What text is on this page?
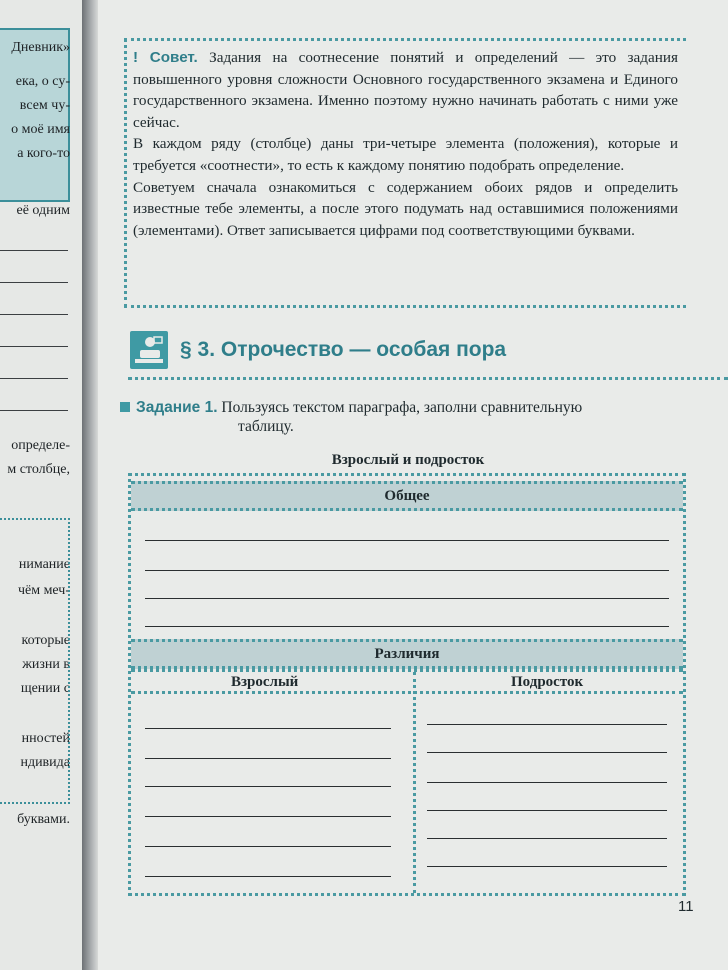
Дневник»
ека, о су-
всем чу-
о моё имя
а кого-то
её одним
определе-
м столбце,
нимание
чём меч-
которые
жизни в
щении с
нностей
ндивида
буквами.

! Совет. Задания на соотнесение понятий и определений — это задания повышенного уровня сложности Основного государственного экзамена и Единого государственного экзамена. Именно поэтому нужно начинать работать с ними уже сейчас.

В каждом ряду (столбце) даны три-четыре элемента (положения), которые и требуется «соотнести», то есть к каждому понятию подобрать определение.

Советуем сначала ознакомиться с содержанием обоих рядов и определить известные тебе элементы, а после этого подумать над оставшимися положениями (элементами). Ответ записывается цифрами под соответствующими буквами.

§ 3. Отрочество — особая пора
Задание 1. Пользуясь текстом параграфа, заполни сравнительную
таблицу.
Взрослый и подросток
Общее
Различия
Взрослый	Подросток
11
